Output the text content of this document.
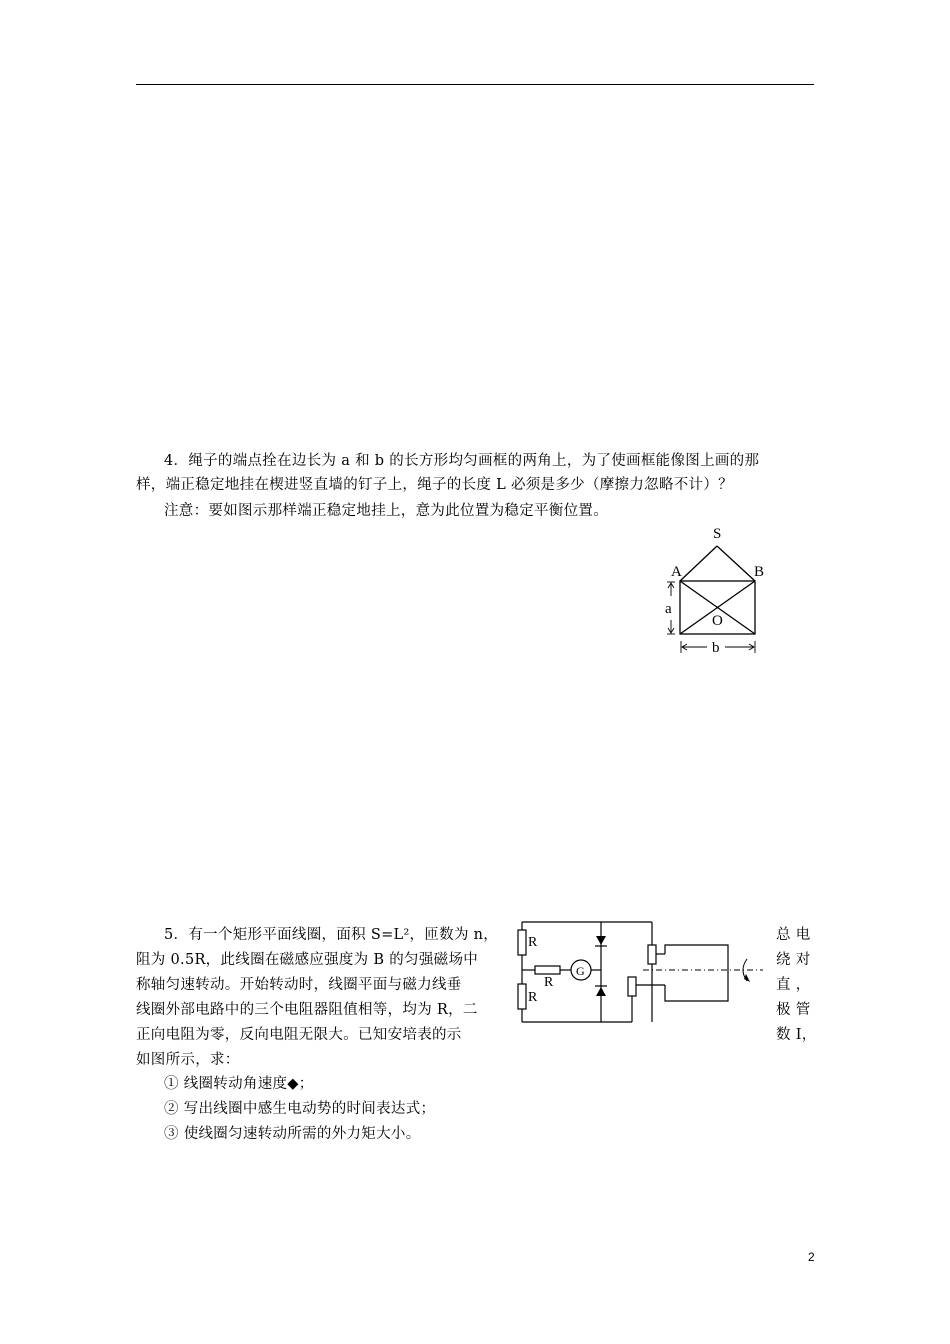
4．绳子的端点拴在边长为 a 和 b 的长方形均匀画框的两角上，为了使画框能像图上画的那
样，端正稳定地挂在楔进竖直墙的钉子上，绳子的长度 L 必须是多少（摩擦力忽略不计）？
注意：要如图示那样端正稳定地挂上，意为此位置为稳定平衡位置。
S
A	B
a
O
b
5．有一个矩形平面线圈，面积 S=L²，匝数为 n，
阻为 0.5R，此线圈在磁感应强度为 B 的匀强磁场中
称轴匀速转动。开始转动时，线圈平面与磁力线垂
线圈外部电路中的三个电阻器阻值相等，均为 R，二
正向电阻为零，反向电阻无限大。已知安培表的示
如图所示，求：
总 电
绕 对
直 ，
极 管
数 I，
① 线圈转动角速度◆；
② 写出线圈中感生电动势的时间表达式；
③ 使线圈匀速转动所需的外力矩大小。
R
R
R
G
2
